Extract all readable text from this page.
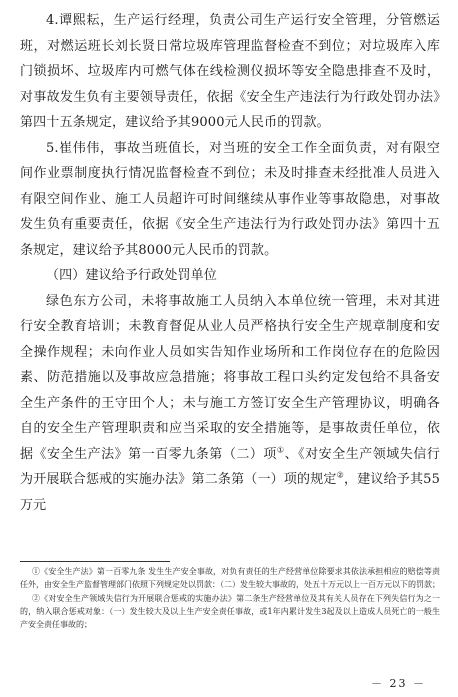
4.谭熙耘，生产运行经理，负责公司生产运行安全管理，分管燃运班，对燃运班长刘长贤日常垃圾库管理监督检查不到位；对垃圾库入库门锁损坏、垃圾库内可燃气体在线检测仪损坏等安全隐患排查不及时，对事故发生负有主要领导责任，依据《安全生产违法行为行政处罚办法》第四十五条规定，建议给予其9000元人民币的罚款。

5.崔伟伟，事故当班值长，对当班的安全工作全面负责，对有限空间作业票制度执行情况监督检查不到位；未及时排查未经批准人员进入有限空间作业、施工人员超许可时间继续从事作业等事故隐患，对事故发生负有重要责任，依据《安全生产违法行为行政处罚办法》第四十五条规定，建议给予其8000元人民币的罚款。

（四）建议给予行政处罚单位

绿色东方公司，未将事故施工人员纳入本单位统一管理，未对其进行安全教育培训；未教育督促从业人员严格执行安全生产规章制度和安全操作规程；未向作业人员如实告知作业场所和工作岗位存在的危险因素、防范措施以及事故应急措施；将事故工程口头约定发包给不具备安全生产条件的王守田个人；未与施工方签订安全生产管理协议，明确各自的安全生产管理职责和应当采取的安全措施等，是事故责任单位，依据《安全生产法》第一百零九条第（二）项①、《对安全生产领域失信行为开展联合惩戒的实施办法》第二条第（一）项的规定②，建议给予其55万元

①《安全生产法》第一百零九条 发生生产安全事故，对负有责任的生产经营单位除要求其依法承担相应的赔偿等责任外，由安全生产监督管理部门依照下列规定处以罚款：（二）发生较大事故的，处五十万元以上一百万元以下的罚款；

②《对安全生产领域失信行为开展联合惩戒的实施办法》第二条生产经营单位及其有关人员存在下列失信行为之一的，纳入联合惩戒对象：（一）发生较大及以上生产安全责任事故，或1年内累计发生3起及以上造成人员死亡的一般生产安全责任事故的；

－ 23 －
